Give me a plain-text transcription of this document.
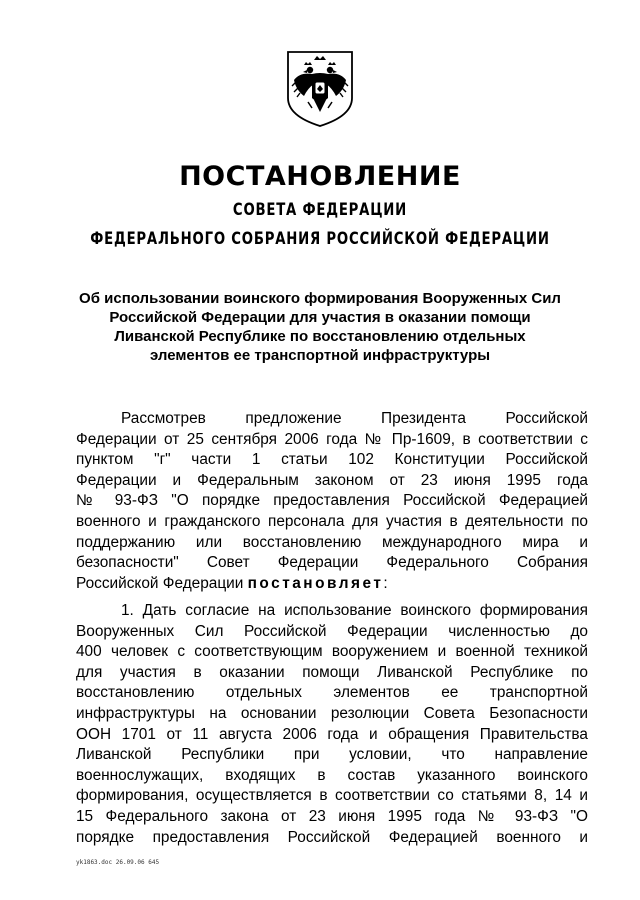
ПОСТАНОВЛЕНИЕ
СОВЕТА ФЕДЕРАЦИИ
ФЕДЕРАЛЬНОГО СОБРАНИЯ РОССИЙСКОЙ ФЕДЕРАЦИИ
Об использовании воинского формирования Вооруженных Сил
Российской Федерации для участия в оказании помощи
Ливанской Республике по восстановлению отдельных
элементов ее транспортной инфраструктуры
Рассмотрев предложение Президента Российской
Федерации от 25 сентября 2006 года № Пр-1609, в соответствии с
пунктом "г" части 1 статьи 102 Конституции Российской
Федерации и Федеральным законом от 23 июня 1995 года
№ 93-ФЗ "О порядке предоставления Российской Федерацией
военного и гражданского персонала для участия в деятельности по
поддержанию или восстановлению международного мира и
безопасности" Совет Федерации Федерального Собрания
Российской Федерации постановляет:
1. Дать согласие на использование воинского формирования
Вооруженных Сил Российской Федерации численностью до
400 человек с соответствующим вооружением и военной техникой
для участия в оказании помощи Ливанской Республике по
восстановлению отдельных элементов ее транспортной
инфраструктуры на основании резолюции Совета Безопасности
ООН 1701 от 11 августа 2006 года и обращения Правительства
Ливанской Республики при условии, что направление
военнослужащих, входящих в состав указанного воинского
формирования, осуществляется в соответствии со статьями 8, 14 и
15 Федерального закона от 23 июня 1995 года № 93-ФЗ "О
порядке предоставления Российской Федерацией военного и
yk1863.doc 26.09.06 645
